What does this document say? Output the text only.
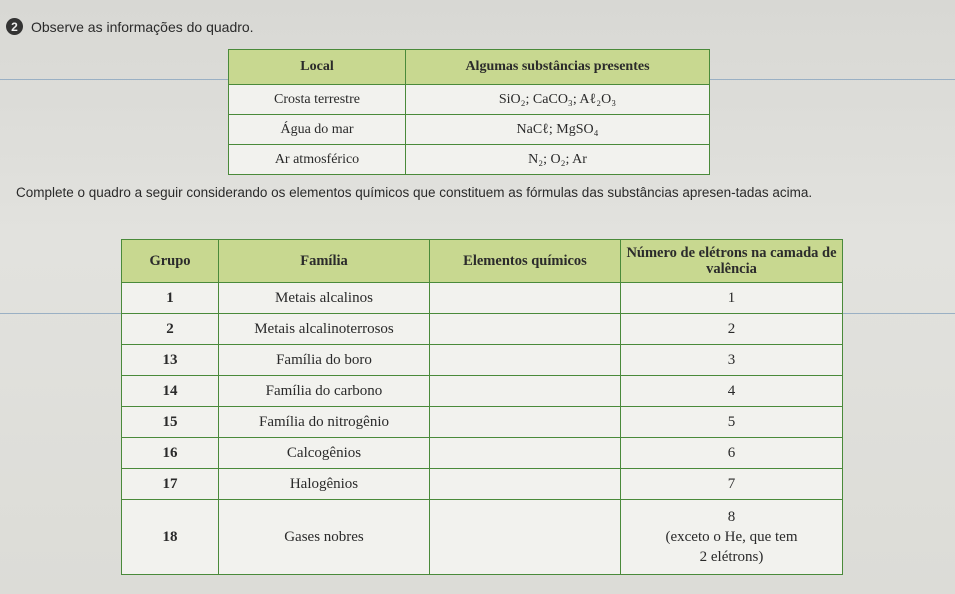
2 Observe as informações do quadro.
Local	Algumas substâncias presentes
Crosta terrestre	SiO₂; CaCO₃; Aℓ₂O₃
Água do mar	NaCℓ; MgSO₄
Ar atmosférico	N₂; O₂; Ar
Complete o quadro a seguir considerando os elementos químicos que constituem as fórmulas das substâncias apresen-tadas acima.
Grupo	Família	Elementos químicos	Número de elétrons na camada de valência
1	Metais alcalinos		1
2	Metais alcalinoterrosos		2
13	Família do boro		3
14	Família do carbono		4
15	Família do nitrogênio		5
16	Calcogênios		6
17	Halogênios		7
18	Gases nobres		8
(exceto o He, que tem
2 elétrons)
